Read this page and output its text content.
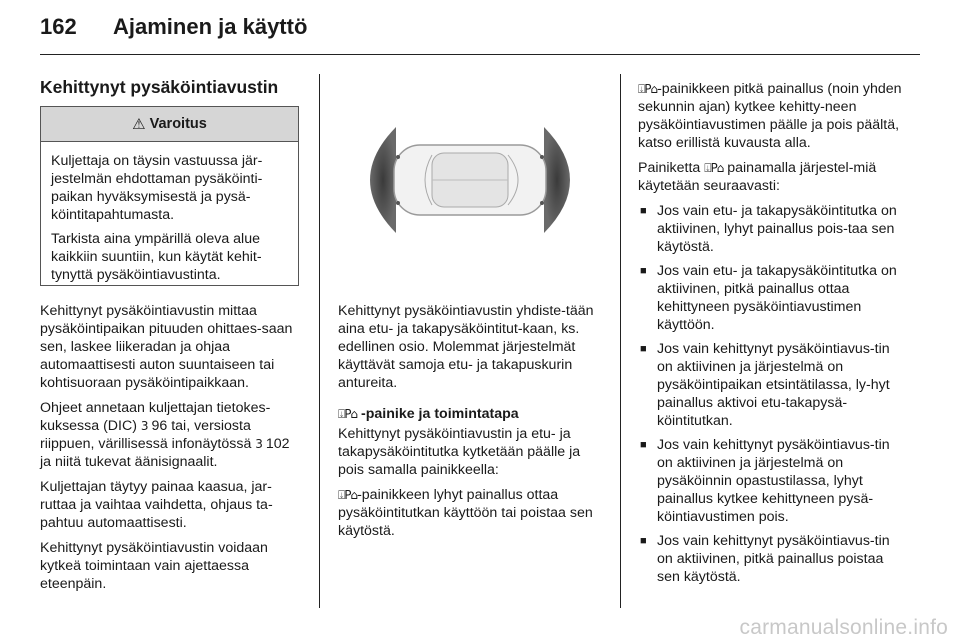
162 Ajaminen ja käyttö
Kehittynyt pysäköintiavustin
⚠ Varoitus

Kuljettaja on täysin vastuussa jär-jestelmän ehdottaman pysäköinti-paikan hyväksymisestä ja pysä-köintitapahtumasta.

Tarkista aina ympärillä oleva alue kaikkiin suuntiin, kun käytät kehit-tynyttä pysäköintiavustinta.

Kehittynyt pysäköintiavustin mittaa pysäköintipaikan pituuden ohittaes-saan sen, laskee liikeradan ja ohjaa automaattisesti auton suuntaiseen tai kohtisuoraan pysäköintipaikkaan.

Ohjeet annetaan kuljettajan tietokes-kuksessa (DIC) 3 96 tai, versiosta riippuen, värillisessä infonäytössä 3 102 ja niitä tukevat äänisignaalit.

Kuljettajan täytyy painaa kaasua, jar-ruttaa ja vaihtaa vaihdetta, ohjaus ta-pahtuu automaattisesti.

Kehittynyt pysäköintiavustin voidaan kytkeä toimintaan vain ajettaessa eteenpäin.

Kehittynyt pysäköintiavustin yhdiste-tään aina etu- ja takapysäköintitut-kaan, ks. edellinen osio. Molemmat järjestelmät käyttävät samoja etu- ja takapuskurin antureita.

⍗P⌂ -painike ja toimintatapa

Kehittynyt pysäköintiavustin ja etu- ja takapysäköintitutka kytketään päälle ja pois samalla painikkeella:

⍗P⌂-painikkeen lyhyt painallus ottaa pysäköintitutkan käyttöön tai poistaa sen käytöstä.

⍗P⌂-painikkeen pitkä painallus (noin yhden sekunnin ajan) kytkee kehitty-neen pysäköintiavustimen päälle ja pois päältä, katso erillistä kuvausta alla.

Painiketta ⍗P⌂ painamalla järjestel-miä käytetään seuraavasti:

■ Jos vain etu- ja takapysäköintitutka on aktiivinen, lyhyt painallus pois-taa sen käytöstä.
■ Jos vain etu- ja takapysäköintitutka on aktiivinen, pitkä painallus ottaa kehittyneen pysäköintiavustimen käyttöön.
■ Jos vain kehittynyt pysäköintiavus-tin on aktiivinen ja järjestelmä on pysäköintipaikan etsintätilassa, ly-hyt painallus aktivoi etu-takapysä-köintitutkan.
■ Jos vain kehittynyt pysäköintiavus-tin on aktiivinen ja järjestelmä on pysäköinnin opastustilassa, lyhyt painallus kytkee kehittyneen pysä-köintiavustimen pois.
■ Jos vain kehittynyt pysäköintiavus-tin on aktiivinen, pitkä painallus poistaa sen käytöstä.
carmanualsonline.info
